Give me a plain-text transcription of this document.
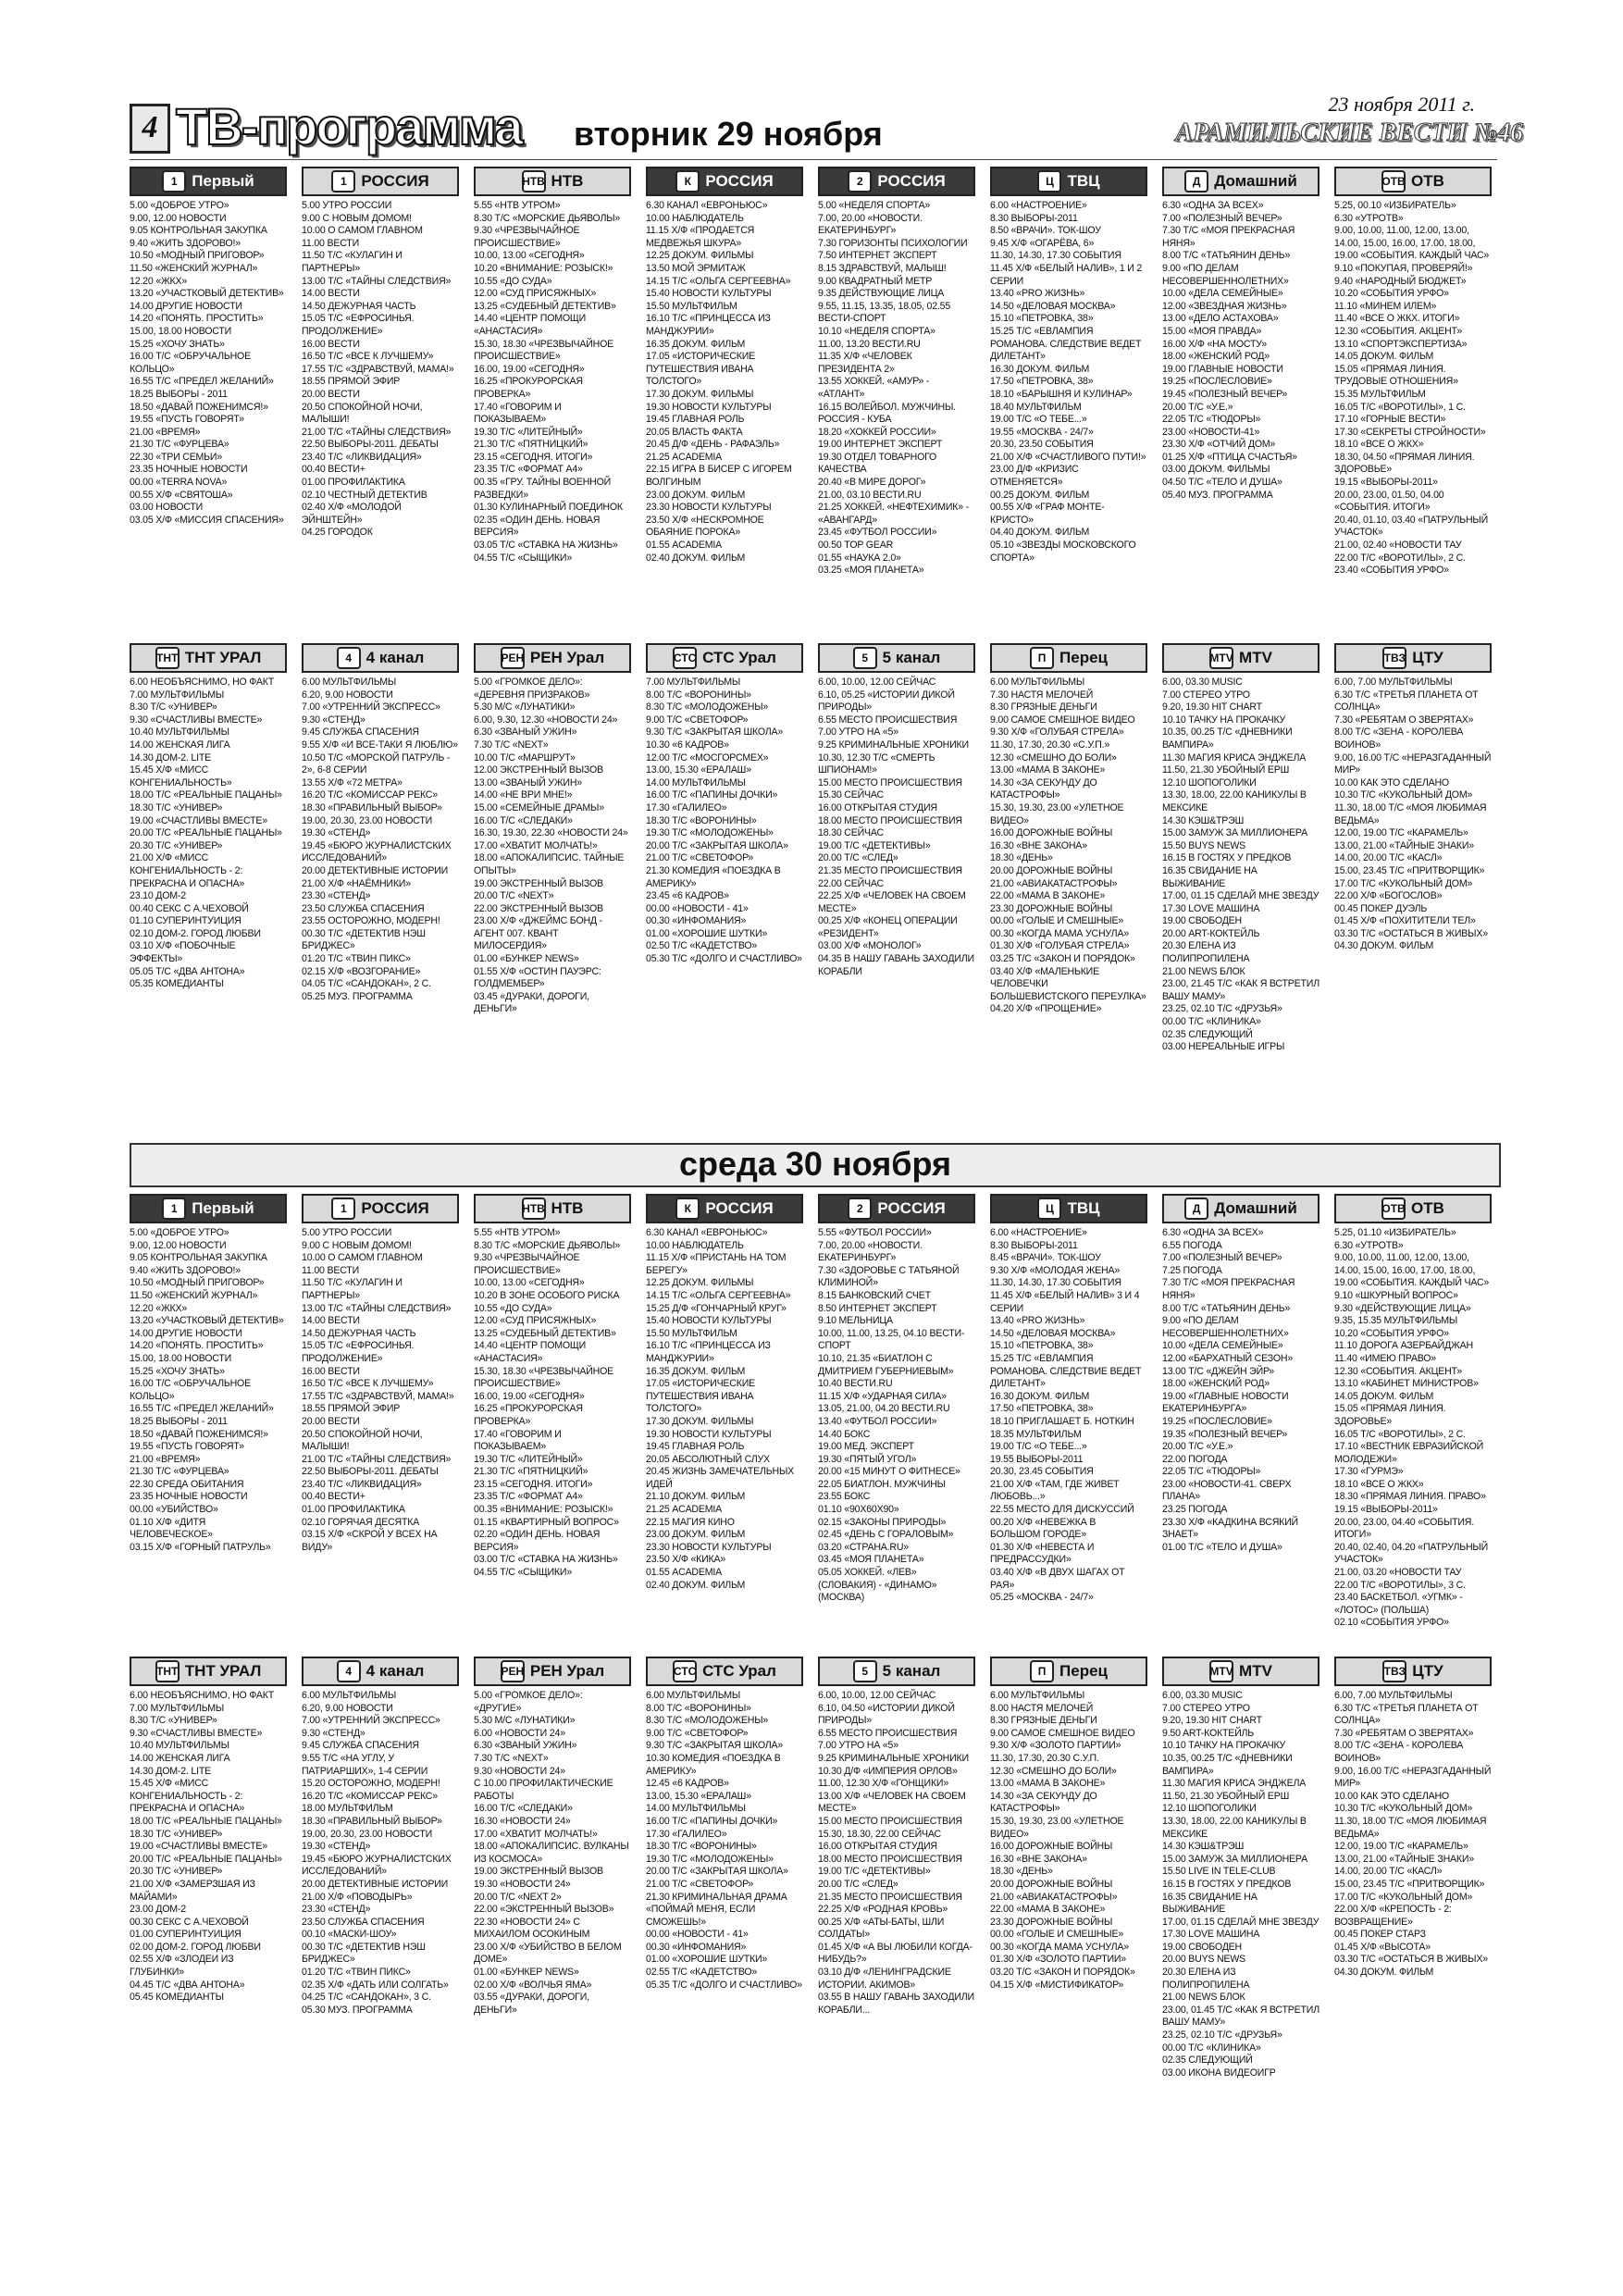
4 ТВ-программа вторник 29 ноября
23 ноября 2011 г.
АРАМИЛЬСКИЕ ВЕСТИ №46
1 Первый
5.00 «ДОБРОЕ УТРО»
9.00, 12.00 НОВОСТИ
9.05 КОНТРОЛЬНАЯ ЗАКУПКА
9.40 «ЖИТЬ ЗДОРОВО!»
10.50 «МОДНЫЙ ПРИГОВОР»
11.50 «ЖЕНСКИЙ ЖУРНАЛ»
12.20 «ЖКХ»
13.20 «УЧАСТКОВЫЙ ДЕТЕКТИВ»
14.00 ДРУГИЕ НОВОСТИ
14.20 «ПОНЯТЬ. ПРОСТИТЬ»
15.00, 18.00 НОВОСТИ
15.25 «ХОЧУ ЗНАТЬ»
16.00 Т/С «ОБРУЧАЛЬНОЕ КОЛЬЦО»
16.55 Т/С «ПРЕДЕЛ ЖЕЛАНИЙ»
18.25 ВЫБОРЫ - 2011
18.50 «ДАВАЙ ПОЖЕНИМСЯ!»
19.55 «ПУСТЬ ГОВОРЯТ»
21.00 «ВРЕМЯ»
21.30 Т/С «ФУРЦЕВА»
22.30 «ТРИ СЕМЬИ»
23.35 НОЧНЫЕ НОВОСТИ
00.00 «TERRA NOVA»
00.55 Х/Ф «СВЯТОША»
03.00 НОВОСТИ
03.05 Х/Ф «МИССИЯ СПАСЕНИЯ»
1 РОССИЯ
5.00 УТРО РОССИИ
9.00 С НОВЫМ ДОМОМ!
10.00 О САМОМ ГЛАВНОМ
11.00 ВЕСТИ
11.50 Т/С «КУЛАГИН И ПАРТНЕРЫ»
13.00 Т/С «ТАЙНЫ СЛЕДСТВИЯ»
14.00 ВЕСТИ
14.50 ДЕЖУРНАЯ ЧАСТЬ
15.05 Т/С «ЕФРОСИНЬЯ. ПРОДОЛЖЕНИЕ»
16.00 ВЕСТИ
16.50 Т/С «ВСЕ К ЛУЧШЕМУ»
17.55 Т/С «ЗДРАВСТВУЙ, МАМА!»
18.55 ПРЯМОЙ ЭФИР
20.00 ВЕСТИ
20.50 СПОКОЙНОЙ НОЧИ, МАЛЫШИ!
21.00 Т/С «ТАЙНЫ СЛЕДСТВИЯ»
22.50 ВЫБОРЫ-2011. ДЕБАТЫ
23.40 Т/С «ЛИКВИДАЦИЯ»
00.40 ВЕСТИ+
01.00 ПРОФИЛАКТИКА
02.10 ЧЕСТНЫЙ ДЕТЕКТИВ
02.40 Х/Ф «МОЛОДОЙ ЭЙНШТЕЙН»
04.25 ГОРОДОК
НТВ НТВ
5.55 «НТВ УТРОМ»
8.30 Т/С «МОРСКИЕ ДЬЯВОЛЫ»
9.30 «ЧРЕЗВЫЧАЙНОЕ ПРОИСШЕСТВИЕ»
10.00, 13.00 «СЕГОДНЯ»
10.20 «ВНИМАНИЕ: РОЗЫСК!»
10.55 «ДО СУДА»
12.00 «СУД ПРИСЯЖНЫХ»
13.25 «СУДЕБНЫЙ ДЕТЕКТИВ»
14.40 «ЦЕНТР ПОМОЩИ «АНАСТАСИЯ»
15.30, 18.30 «ЧРЕЗВЫЧАЙНОЕ ПРОИСШЕСТВИЕ»
16.00, 19.00 «СЕГОДНЯ»
16.25 «ПРОКУРОРСКАЯ ПРОВЕРКА»
17.40 «ГОВОРИМ И ПОКАЗЫВАЕМ»
19.30 Т/С «ЛИТЕЙНЫЙ»
21.30 Т/С «ПЯТНИЦКИЙ»
23.15 «СЕГОДНЯ. ИТОГИ»
23.35 Т/С «ФОРМАТ А4»
00.35 «ГРУ. ТАЙНЫ ВОЕННОЙ РАЗВЕДКИ»
01.30 КУЛИНАРНЫЙ ПОЕДИНОК
02.35 «ОДИН ДЕНЬ. НОВАЯ ВЕРСИЯ»
03.05 Т/С «СТАВКА НА ЖИЗНЬ»
04.55 Т/С «СЫЩИКИ»
К РОССИЯ
6.30 КАНАЛ «ЕВРОНЬЮС»
10.00 НАБЛЮДАТЕЛЬ
11.15 Х/Ф «ПРОДАЕТСЯ МЕДВЕЖЬЯ ШКУРА»
12.25 ДОКУМ. ФИЛЬМЫ
13.50 МОЙ ЭРМИТАЖ
14.15 Т/С «ОЛЬГА СЕРГЕЕВНА»
15.40 НОВОСТИ КУЛЬТУРЫ
15.50 МУЛЬТФИЛЬМ
16.10 Т/С «ПРИНЦЕССА ИЗ МАНДЖУРИИ»
16.35 ДОКУМ. ФИЛЬМ
17.05 «ИСТОРИЧЕСКИЕ ПУТЕШЕСТВИЯ ИВАНА ТОЛСТОГО»
17.30 ДОКУМ. ФИЛЬМЫ
19.30 НОВОСТИ КУЛЬТУРЫ
19.45 ГЛАВНАЯ РОЛЬ
20.05 ВЛАСТЬ ФАКТА
20.45 Д/Ф «ДЕНЬ - РАФАЭЛЬ»
21.25 ACADEMIA
22.15 ИГРА В БИСЕР С ИГОРЕМ ВОЛГИНЫМ
23.00 ДОКУМ. ФИЛЬМ
23.30 НОВОСТИ КУЛЬТУРЫ
23.50 Х/Ф «НЕСКРОМНОЕ ОБАЯНИЕ ПОРОКА»
01.55 ACADEMIA
02.40 ДОКУМ. ФИЛЬМ
2 РОССИЯ
5.00 «НЕДЕЛЯ СПОРТА»
7.00, 20.00 «НОВОСТИ. ЕКАТЕРИНБУРГ»
7.30 ГОРИЗОНТЫ ПСИХОЛОГИИ
7.50 ИНТЕРНЕТ ЭКСПЕРТ
8.15 ЗДРАВСТВУЙ, МАЛЫШ!
9.00 КВАДРАТНЫЙ МЕТР
9.35 ДЕЙСТВУЮЩИЕ ЛИЦА
9.55, 11.15, 13.35, 18.05, 02.55 ВЕСТИ-СПОРТ
10.10 «НЕДЕЛЯ СПОРТА»
11.00, 13.20 ВЕСТИ.RU
11.35 Х/Ф «ЧЕЛОВЕК ПРЕЗИДЕНТА 2»
13.55 ХОККЕЙ. «АМУР» - «АТЛАНТ»
16.15 ВОЛЕЙБОЛ. МУЖЧИНЫ. РОССИЯ - КУБА
18.20 «ХОККЕЙ РОССИИ»
19.00 ИНТЕРНЕТ ЭКСПЕРТ
19.30 ОТДЕЛ ТОВАРНОГО КАЧЕСТВА
20.40 «В МИРЕ ДОРОГ»
21.00, 03.10 ВЕСТИ.RU
21.25 ХОККЕЙ. «НЕФТЕХИМИК» - «АВАНГАРД»
23.45 «ФУТБОЛ РОССИИ»
00.50 TOP GEAR
01.55 «НАУКА 2.0»
03.25 «МОЯ ПЛАНЕТА»
Ц ТВЦ
6.00 «НАСТРОЕНИЕ»
8.30 ВЫБОРЫ-2011
8.50 «ВРАЧИ». ТОК-ШОУ
9.45 Х/Ф «ОГАРЁВА, 6»
11.30, 14.30, 17.30 СОБЫТИЯ
11.45 Х/Ф «БЕЛЫЙ НАЛИВ», 1 И 2 СЕРИИ
13.40 «PRO ЖИЗНЬ»
14.50 «ДЕЛОВАЯ МОСКВА»
15.10 «ПЕТРОВКА, 38»
15.25 Т/С «ЕВЛАМПИЯ РОМАНОВА. СЛЕДСТВИЕ ВЕДЕТ ДИЛЕТАНТ»
16.30 ДОКУМ. ФИЛЬМ
17.50 «ПЕТРОВКА, 38»
18.10 «БАРЫШНЯ И КУЛИНАР»
18.40 МУЛЬТФИЛЬМ
19.00 Т/С «О ТЕБЕ...»
19.55 «МОСКВА - 24/7»
20.30, 23.50 СОБЫТИЯ
21.00 Х/Ф «СЧАСТЛИВОГО ПУТИ!»
23.00 Д/Ф «КРИЗИС ОТМЕНЯЕТСЯ»
00.25 ДОКУМ. ФИЛЬМ
00.55 Х/Ф «ГРАФ МОНТЕ-КРИСТО»
04.40 ДОКУМ. ФИЛЬМ
05.10 «ЗВЕЗДЫ МОСКОВСКОГО СПОРТА»
Д Домашний
6.30 «ОДНА ЗА ВСЕХ»
7.00 «ПОЛЕЗНЫЙ ВЕЧЕР»
7.30 Т/С «МОЯ ПРЕКРАСНАЯ НЯНЯ»
8.00 Т/С «ТАТЬЯНИН ДЕНЬ»
9.00 «ПО ДЕЛАМ НЕСОВЕРШЕННОЛЕТНИХ»
10.00 «ДЕЛА СЕМЕЙНЫЕ»
12.00 «ЗВЕЗДНАЯ ЖИЗНЬ»
13.00 «ДЕЛО АСТАХОВА»
15.00 «МОЯ ПРАВДА»
16.00 Х/Ф «НА МОСТУ»
18.00 «ЖЕНСКИЙ РОД»
19.00 ГЛАВНЫЕ НОВОСТИ
19.25 «ПОСЛЕСЛОВИЕ»
19.45 «ПОЛЕЗНЫЙ ВЕЧЕР»
20.00 Т/С «У.Е.»
22.05 Т/С «ТЮДОРЫ»
23.00 «НОВОСТИ-41»
23.30 Х/Ф «ОТЧИЙ ДОМ»
01.25 Х/Ф «ПТИЦА СЧАСТЬЯ»
03.00 ДОКУМ. ФИЛЬМЫ
04.50 Т/С «ТЕЛО И ДУША»
05.40 МУЗ. ПРОГРАММА
ОТВ ОТВ
5.25, 00.10 «ИЗБИРАТЕЛЬ»
6.30 «УТРОТВ»
9.00, 10.00, 11.00, 12.00, 13.00, 14.00, 15.00, 16.00, 17.00, 18.00, 19.00 «СОБЫТИЯ. КАЖДЫЙ ЧАС»
9.10 «ПОКУПАЯ, ПРОВЕРЯЙ!»
9.40 «НАРОДНЫЙ БЮДЖЕТ»
10.20 «СОБЫТИЯ УРФО»
11.10 «МИНЕМ ИЛЕМ»
11.40 «ВСЕ О ЖКХ. ИТОГИ»
12.30 «СОБЫТИЯ. АКЦЕНТ»
13.10 «СПОРТЭКСПЕРТИЗА»
14.05 ДОКУМ. ФИЛЬМ
15.05 «ПРЯМАЯ ЛИНИЯ. ТРУДОВЫЕ ОТНОШЕНИЯ»
15.35 МУЛЬТФИЛЬМ
16.05 Т/С «ВОРОТИЛЫ», 1 С.
17.10 «ГОРНЫЕ ВЕСТИ»
17.30 «СЕКРЕТЫ СТРОЙНОСТИ»
18.10 «ВСЕ О ЖКХ»
18.30, 04.50 «ПРЯМАЯ ЛИНИЯ. ЗДОРОВЬЕ»
19.15 «ВЫБОРЫ-2011»
20.00, 23.00, 01.50, 04.00 «СОБЫТИЯ. ИТОГИ»
20.40, 01.10, 03.40 «ПАТРУЛЬНЫЙ УЧАСТОК»
21.00, 02.40 «НОВОСТИ ТАУ
22.00 Т/С «ВОРОТИЛЫ», 2 С.
23.40 «СОБЫТИЯ УРФО»
ТНТ ТНТ УРАЛ
6.00 НЕОБЪЯСНИМО, НО ФАКТ
7.00 МУЛЬТФИЛЬМЫ
8.30 Т/С «УНИВЕР»
9.30 «СЧАСТЛИВЫ ВМЕСТЕ»
10.40 МУЛЬТФИЛЬМЫ
14.00 ЖЕНСКАЯ ЛИГА
14.30 ДОМ-2. LITE
15.45 Х/Ф «МИСС КОНГЕНИАЛЬНОСТЬ»
18.00 Т/С «РЕАЛЬНЫЕ ПАЦАНЫ»
18.30 Т/С «УНИВЕР»
19.00 «СЧАСТЛИВЫ ВМЕСТЕ»
20.00 Т/С «РЕАЛЬНЫЕ ПАЦАНЫ»
20.30 Т/С «УНИВЕР»
21.00 Х/Ф «МИСС КОНГЕНИАЛЬНОСТЬ - 2: ПРЕКРАСНА И ОПАСНА»
23.10 ДОМ-2
00.40 СЕКС С А.ЧЕХОВОЙ
01.10 СУПЕРИНТУИЦИЯ
02.10 ДОМ-2. ГОРОД ЛЮБВИ
03.10 Х/Ф «ПОБОЧНЫЕ ЭФФЕКТЫ»
05.05 Т/С «ДВА АНТОНА»
05.35 КОМЕДИАНТЫ
4 4 канал
6.00 МУЛЬТФИЛЬМЫ
6.20, 9.00 НОВОСТИ
7.00 «УТРЕННИЙ ЭКСПРЕСС»
9.30 «СТЕНД»
9.45 СЛУЖБА СПАСЕНИЯ
9.55 Х/Ф «И ВСЕ-ТАКИ Я ЛЮБЛЮ»
10.50 Т/С «МОРСКОЙ ПАТРУЛЬ - 2», 6-8 СЕРИИ
13.55 Х/Ф «72 МЕТРА»
16.20 Т/С «КОМИССАР РЕКС»
18.30 «ПРАВИЛЬНЫЙ ВЫБОР»
19.00, 20.30, 23.00 НОВОСТИ
19.30 «СТЕНД»
19.45 «БЮРО ЖУРНАЛИСТСКИХ ИССЛЕДОВАНИЙ»
20.00 ДЕТЕКТИВНЫЕ ИСТОРИИ
21.00 Х/Ф «НАЁМНИКИ»
23.30 «СТЕНД»
23.50 СЛУЖБА СПАСЕНИЯ
23.55 ОСТОРОЖНО, МОДЕРН!
00.30 Т/С «ДЕТЕКТИВ НЭШ БРИДЖЕС»
01.20 Т/С «ТВИН ПИКС»
02.15 Х/Ф «ВОЗГОРАНИЕ»
04.05 Т/С «САНДОКАН», 2 С.
05.25 МУЗ. ПРОГРАММА
РЕН РЕН Урал
5.00 «ГРОМКОЕ ДЕЛО»: «ДЕРЕВНЯ ПРИЗРАКОВ»
5.30 М/С «ЛУНАТИКИ»
6.00, 9.30, 12.30 «НОВОСТИ 24»
6.30 «ЗВАНЫЙ УЖИН»
7.30 Т/С «NEXT»
10.00 Т/С «МАРШРУТ»
12.00 ЭКСТРЕННЫЙ ВЫЗОВ
13.00 «ЗВАНЫЙ УЖИН»
14.00 «НЕ ВРИ МНЕ!»
15.00 «СЕМЕЙНЫЕ ДРАМЫ»
16.00 Т/С «СЛЕДАКИ»
16.30, 19.30, 22.30 «НОВОСТИ 24»
17.00 «ХВАТИТ МОЛЧАТЬ!»
18.00 «АПОКАЛИПСИС. ТАЙНЫЕ ОПЫТЫ»
19.00 ЭКСТРЕННЫЙ ВЫЗОВ
20.00 Т/С «NEXT»
22.00 ЭКСТРЕННЫЙ ВЫЗОВ
23.00 Х/Ф «ДЖЕЙМС БОНД - АГЕНТ 007. КВАНТ МИЛОСЕРДИЯ»
01.00 «БУНКЕР NEWS»
01.55 Х/Ф «ОСТИН ПАУЭРС: ГОЛДМЕМБЕР»
03.45 «ДУРАКИ, ДОРОГИ, ДЕНЬГИ»
СТС СТС Урал
7.00 МУЛЬТФИЛЬМЫ
8.00 Т/С «ВОРОНИНЫ»
8.30 Т/С «МОЛОДОЖЕНЫ»
9.00 Т/С «СВЕТОФОР»
9.30 Т/С «ЗАКРЫТАЯ ШКОЛА»
10.30 «6 КАДРОВ»
12.00 Т/С «МОСГОРСМЕХ»
13.00, 15.30 «ЕРАЛАШ»
14.00 МУЛЬТФИЛЬМЫ
16.00 Т/С «ПАПИНЫ ДОЧКИ»
17.30 «ГАЛИЛЕО»
18.30 Т/С «ВОРОНИНЫ»
19.30 Т/С «МОЛОДОЖЕНЫ»
20.00 Т/С «ЗАКРЫТАЯ ШКОЛА»
21.00 Т/С «СВЕТОФОР»
21.30 КОМЕДИЯ «ПОЕЗДКА В АМЕРИКУ»
23.45 «6 КАДРОВ»
00.00 «НОВОСТИ - 41»
00.30 «ИНФОМАНИЯ»
01.00 «ХОРОШИЕ ШУТКИ»
02.50 Т/С «КАДЕТСТВО»
05.30 Т/С «ДОЛГО И СЧАСТЛИВО»
5 5 канал
6.00, 10.00, 12.00 СЕЙЧАС
6.10, 05.25 «ИСТОРИИ ДИКОЙ ПРИРОДЫ»
6.55 МЕСТО ПРОИСШЕСТВИЯ
7.00 УТРО НА «5»
9.25 КРИМИНАЛЬНЫЕ ХРОНИКИ
10.30, 12.30 Т/С «СМЕРТЬ ШПИОНАМ!»
15.00 МЕСТО ПРОИСШЕСТВИЯ
15.30 СЕЙЧАС
16.00 ОТКРЫТАЯ СТУДИЯ
18.00 МЕСТО ПРОИСШЕСТВИЯ
18.30 СЕЙЧАС
19.00 Т/С «ДЕТЕКТИВЫ»
20.00 Т/С «СЛЕД»
21.35 МЕСТО ПРОИСШЕСТВИЯ
22.00 СЕЙЧАС
22.25 Х/Ф «ЧЕЛОВЕК НА СВОЕМ МЕСТЕ»
00.25 Х/Ф «КОНЕЦ ОПЕРАЦИИ «РЕЗИДЕНТ»
03.00 Х/Ф «МОНОЛОГ»
04.35 В НАШУ ГАВАНЬ ЗАХОДИЛИ КОРАБЛИ
П Перец
6.00 МУЛЬТФИЛЬМЫ
7.30 НАСТЯ МЕЛОЧЕЙ
8.30 ГРЯЗНЫЕ ДЕНЬГИ
9.00 САМОЕ СМЕШНОЕ ВИДЕО
9.30 Х/Ф «ГОЛУБАЯ СТРЕЛА»
11.30, 17.30, 20.30 «С.У.П.»
12.30 «СМЕШНО ДО БОЛИ»
13.00 «МАМА В ЗАКОНЕ»
14.30 «ЗА СЕКУНДУ ДО КАТАСТРОФЫ»
15.30, 19.30, 23.00 «УЛЕТНОЕ ВИДЕО»
16.00 ДОРОЖНЫЕ ВОЙНЫ
16.30 «ВНЕ ЗАКОНА»
18.30 «ДЕНЬ»
20.00 ДОРОЖНЫЕ ВОЙНЫ
21.00 «АВИАКАТАСТРОФЫ»
22.00 «МАМА В ЗАКОНЕ»
23.30 ДОРОЖНЫЕ ВОЙНЫ
00.00 «ГОЛЫЕ И СМЕШНЫЕ»
00.30 «КОГДА МАМА УСНУЛА»
01.30 Х/Ф «ГОЛУБАЯ СТРЕЛА»
03.25 Т/С «ЗАКОН И ПОРЯДОК»
03.40 Х/Ф «МАЛЕНЬКИЕ ЧЕЛОВЕЧКИ БОЛЬШЕВИСТСКОГО ПЕРЕУЛКА»
04.20 Х/Ф «ПРОЩЕНИЕ»
MTV MTV
6.00, 03.30 MUSIC
7.00 СТЕРЕО УТРО
9.20, 19.30 HIT CHART
10.10 ТАЧКУ НА ПРОКАЧКУ
10.35, 00.25 Т/С «ДНЕВНИКИ ВАМПИРА»
11.30 МАГИЯ КРИСА ЭНДЖЕЛА
11.50, 21.30 УБОЙНЫЙ ЕРШ
12.10 ШОПОГОЛИКИ
13.30, 18.00, 22.00 КАНИКУЛЫ В МЕКСИКЕ
14.30 КЭШ&ТРЭШ
15.00 ЗАМУЖ ЗА МИЛЛИОНЕРА
15.50 BUYS NEWS
16.15 В ГОСТЯХ У ПРЕДКОВ
16.35 СВИДАНИЕ НА ВЫЖИВАНИЕ
17.00, 01.15 СДЕЛАЙ МНЕ ЗВЕЗДУ
17.30 LOVE МАШИНА
19.00 СВОБОДЕН
20.00 ART-КОКТЕЙЛЬ
20.30 ЕЛЕНА ИЗ ПОЛИПРОПИЛЕНА
21.00 NEWS БЛОК
23.00, 21.45 Т/С «КАК Я ВСТРЕТИЛ ВАШУ МАМУ»
23.25, 02.10 Т/С «ДРУЗЬЯ»
00.00 Т/С «КЛИНИКА»
02.35 СЛЕДУЮЩИЙ
03.00 НЕРЕАЛЬНЫЕ ИГРЫ
ТВЗ ЦТУ
6.00, 7.00 МУЛЬТФИЛЬМЫ
6.30 Т/С «ТРЕТЬЯ ПЛАНЕТА ОТ СОЛНЦА»
7.30 «РЕБЯТАМ О ЗВЕРЯТАХ»
8.00 Т/С «ЗЕНА - КОРОЛЕВА ВОИНОВ»
9.00, 16.00 Т/С «НЕРАЗГАДАННЫЙ МИР»
10.00 КАК ЭТО СДЕЛАНО
10.30 Т/С «КУКОЛЬНЫЙ ДОМ»
11.30, 18.00 Т/С «МОЯ ЛЮБИМАЯ ВЕДЬМА»
12.00, 19.00 Т/С «КАРАМЕЛЬ»
13.00, 21.00 «ТАЙНЫЕ ЗНАКИ»
14.00, 20.00 Т/С «КАСЛ»
15.00, 23.45 Т/С «ПРИТВОРЩИК»
17.00 Т/С «КУКОЛЬНЫЙ ДОМ»
22.00 Х/Ф «БОГОСЛОВ»
00.45 ПОКЕР ДУЭЛЬ
01.45 Х/Ф «ПОХИТИТЕЛИ ТЕЛ»
03.30 Т/С «ОСТАТЬСЯ В ЖИВЫХ»
04.30 ДОКУМ. ФИЛЬМ
среда 30 ноября
1 Первый
5.00 «ДОБРОЕ УТРО»
9.00, 12.00 НОВОСТИ
9.05 КОНТРОЛЬНАЯ ЗАКУПКА
9.40 «ЖИТЬ ЗДОРОВО!»
10.50 «МОДНЫЙ ПРИГОВОР»
11.50 «ЖЕНСКИЙ ЖУРНАЛ»
12.20 «ЖКХ»
13.20 «УЧАСТКОВЫЙ ДЕТЕКТИВ»
14.00 ДРУГИЕ НОВОСТИ
14.20 «ПОНЯТЬ. ПРОСТИТЬ»
15.00, 18.00 НОВОСТИ
15.25 «ХОЧУ ЗНАТЬ»
16.00 Т/С «ОБРУЧАЛЬНОЕ КОЛЬЦО»
16.55 Т/С «ПРЕДЕЛ ЖЕЛАНИЙ»
18.25 ВЫБОРЫ - 2011
18.50 «ДАВАЙ ПОЖЕНИМСЯ!»
19.55 «ПУСТЬ ГОВОРЯТ»
21.00 «ВРЕМЯ»
21.30 Т/С «ФУРЦЕВА»
22.30 СРЕДА ОБИТАНИЯ
23.35 НОЧНЫЕ НОВОСТИ
00.00 «УБИЙСТВО»
01.10 Х/Ф «ДИТЯ ЧЕЛОВЕЧЕСКОЕ»
03.15 Х/Ф «ГОРНЫЙ ПАТРУЛЬ»
1 РОССИЯ
5.00 УТРО РОССИИ
9.00 С НОВЫМ ДОМОМ!
10.00 О САМОМ ГЛАВНОМ
11.00 ВЕСТИ
11.50 Т/С «КУЛАГИН И ПАРТНЕРЫ»
13.00 Т/С «ТАЙНЫ СЛЕДСТВИЯ»
14.00 ВЕСТИ
14.50 ДЕЖУРНАЯ ЧАСТЬ
15.05 Т/С «ЕФРОСИНЬЯ. ПРОДОЛЖЕНИЕ»
16.00 ВЕСТИ
16.50 Т/С «ВСЕ К ЛУЧШЕМУ»
17.55 Т/С «ЗДРАВСТВУЙ, МАМА!»
18.55 ПРЯМОЙ ЭФИР
20.00 ВЕСТИ
20.50 СПОКОЙНОЙ НОЧИ, МАЛЫШИ!
21.00 Т/С «ТАЙНЫ СЛЕДСТВИЯ»
22.50 ВЫБОРЫ-2011. ДЕБАТЫ
23.40 Т/С «ЛИКВИДАЦИЯ»
00.40 ВЕСТИ+
01.00 ПРОФИЛАКТИКА
02.10 ГОРЯЧАЯ ДЕСЯТКА
03.15 Х/Ф «СКРОЙ У ВСЕХ НА ВИДУ»
НТВ НТВ
5.55 «НТВ УТРОМ»
8.30 Т/С «МОРСКИЕ ДЬЯВОЛЫ»
9.30 «ЧРЕЗВЫЧАЙНОЕ ПРОИСШЕСТВИЕ»
10.00, 13.00 «СЕГОДНЯ»
10.20 В ЗОНЕ ОСОБОГО РИСКА
10.55 «ДО СУДА»
12.00 «СУД ПРИСЯЖНЫХ»
13.25 «СУДЕБНЫЙ ДЕТЕКТИВ»
14.40 «ЦЕНТР ПОМОЩИ «АНАСТАСИЯ»
15.30, 18.30 «ЧРЕЗВЫЧАЙНОЕ ПРОИСШЕСТВИЕ»
16.00, 19.00 «СЕГОДНЯ»
16.25 «ПРОКУРОРСКАЯ ПРОВЕРКА»
17.40 «ГОВОРИМ И ПОКАЗЫВАЕМ»
19.30 Т/С «ЛИТЕЙНЫЙ»
21.30 Т/С «ПЯТНИЦКИЙ»
23.15 «СЕГОДНЯ. ИТОГИ»
23.35 Т/С «ФОРМАТ А4»
00.35 «ВНИМАНИЕ: РОЗЫСК!»
01.15 «КВАРТИРНЫЙ ВОПРОС»
02.20 «ОДИН ДЕНЬ. НОВАЯ ВЕРСИЯ»
03.00 Т/С «СТАВКА НА ЖИЗНЬ»
04.55 Т/С «СЫЩИКИ»
К РОССИЯ
6.30 КАНАЛ «ЕВРОНЬЮС»
10.00 НАБЛЮДАТЕЛЬ
11.15 Х/Ф «ПРИСТАНЬ НА ТОМ БЕРЕГУ»
12.25 ДОКУМ. ФИЛЬМЫ
14.15 Т/С «ОЛЬГА СЕРГЕЕВНА»
15.25 Д/Ф «ГОНЧАРНЫЙ КРУГ»
15.40 НОВОСТИ КУЛЬТУРЫ
15.50 МУЛЬТФИЛЬМ
16.10 Т/С «ПРИНЦЕССА ИЗ МАНДЖУРИИ»
16.35 ДОКУМ. ФИЛЬМ
17.05 «ИСТОРИЧЕСКИЕ ПУТЕШЕСТВИЯ ИВАНА ТОЛСТОГО»
17.30 ДОКУМ. ФИЛЬМЫ
19.30 НОВОСТИ КУЛЬТУРЫ
19.45 ГЛАВНАЯ РОЛЬ
20.05 АБСОЛЮТНЫЙ СЛУХ
20.45 ЖИЗНЬ ЗАМЕЧАТЕЛЬНЫХ ИДЕЙ
21.10 ДОКУМ. ФИЛЬМ
21.25 ACADEMIA
22.15 МАГИЯ КИНО
23.00 ДОКУМ. ФИЛЬМ
23.30 НОВОСТИ КУЛЬТУРЫ
23.50 Х/Ф «КИКА»
01.55 ACADEMIA
02.40 ДОКУМ. ФИЛЬМ
2 РОССИЯ
5.55 «ФУТБОЛ РОССИИ»
7.00, 20.00 «НОВОСТИ. ЕКАТЕРИНБУРГ»
7.30 «ЗДОРОВЬЕ С ТАТЬЯНОЙ КЛИМИНОЙ»
8.15 БАНКОВСКИЙ СЧЕТ
8.50 ИНТЕРНЕТ ЭКСПЕРТ
9.10 МЕЛЬНИЦА
10.00, 11.00, 13.25, 04.10 ВЕСТИ-СПОРТ
10.10, 21.35 «БИАТЛОН С ДМИТРИЕМ ГУБЕРНИЕВЫМ»
10.40 ВЕСТИ.RU
11.15 Х/Ф «УДАРНАЯ СИЛА»
13.05, 21.00, 04.20 ВЕСТИ.RU
13.40 «ФУТБОЛ РОССИИ»
14.40 БОКС
19.00 МЕД. ЭКСПЕРТ
19.30 «ПЯТЫЙ УГОЛ»
20.00 «15 МИНУТ О ФИТНЕСЕ»
22.05 БИАТЛОН. МУЖЧИНЫ
23.55 БОКС
01.10 «90X60X90»
02.15 «ЗАКОНЫ ПРИРОДЫ»
02.45 «ДЕНЬ С ГОРАЛОВЫМ»
03.20 «СТРАНА.RU»
03.45 «МОЯ ПЛАНЕТА»
05.05 ХОККЕЙ. «ЛЕВ» (СЛОВАКИЯ) - «ДИНАМО» (МОСКВА)
Ц ТВЦ
6.00 «НАСТРОЕНИЕ»
8.30 ВЫБОРЫ-2011
8.45 «ВРАЧИ». ТОК-ШОУ
9.30 Х/Ф «МОЛОДАЯ ЖЕНА»
11.30, 14.30, 17.30 СОБЫТИЯ
11.45 Х/Ф «БЕЛЫЙ НАЛИВ» 3 И 4 СЕРИИ
13.40 «PRO ЖИЗНЬ»
14.50 «ДЕЛОВАЯ МОСКВА»
15.10 «ПЕТРОВКА, 38»
15.25 Т/С «ЕВЛАМПИЯ РОМАНОВА. СЛЕДСТВИЕ ВЕДЕТ ДИЛЕТАНТ»
16.30 ДОКУМ. ФИЛЬМ
17.50 «ПЕТРОВКА, 38»
18.10 ПРИГЛАШАЕТ Б. НОТКИН
18.35 МУЛЬТФИЛЬМ
19.00 Т/С «О ТЕБЕ...»
19.55 ВЫБОРЫ-2011
20.30, 23.45 СОБЫТИЯ
21.00 Х/Ф «ТАМ, ГДЕ ЖИВЕТ ЛЮБОВЬ...»
22.55 МЕСТО ДЛЯ ДИСКУССИЙ
00.20 Х/Ф «НЕВЕЖКА В БОЛЬШОМ ГОРОДЕ»
01.30 Х/Ф «НЕВЕСТА И ПРЕДРАССУДКИ»
03.40 Х/Ф «В ДВУХ ШАГАХ ОТ РАЯ»
05.25 «МОСКВА - 24/7»
Д Домашний
6.30 «ОДНА ЗА ВСЕХ»
6.55 ПОГОДА
7.00 «ПОЛЕЗНЫЙ ВЕЧЕР»
7.25 ПОГОДА
7.30 Т/С «МОЯ ПРЕКРАСНАЯ НЯНЯ»
8.00 Т/С «ТАТЬЯНИН ДЕНЬ»
9.00 «ПО ДЕЛАМ НЕСОВЕРШЕННОЛЕТНИХ»
10.00 «ДЕЛА СЕМЕЙНЫЕ»
12.00 «БАРХАТНЫЙ СЕЗОН»
13.00 Т/С «ДЖЕЙН ЭЙР»
18.00 «ЖЕНСКИЙ РОД»
19.00 «ГЛАВНЫЕ НОВОСТИ ЕКАТЕРИНБУРГА»
19.25 «ПОСЛЕСЛОВИЕ»
19.35 «ПОЛЕЗНЫЙ ВЕЧЕР»
20.00 Т/С «У.Е.»
22.00 ПОГОДА
22.05 Т/С «ТЮДОРЫ»
23.00 «НОВОСТИ-41. СВЕРХ ПЛАНА»
23.25 ПОГОДА
23.30 Х/Ф «КАДКИНА ВСЯКИЙ ЗНАЕТ»
01.00 Т/С «ТЕЛО И ДУША»
ОТВ ОТВ
5.25, 01.10 «ИЗБИРАТЕЛЬ»
6.30 «УТРОТВ»
9.00, 10.00, 11.00, 12.00, 13.00, 14.00, 15.00, 16.00, 17.00, 18.00, 19.00 «СОБЫТИЯ. КАЖДЫЙ ЧАС»
9.10 «ШКУРНЫЙ ВОПРОС»
9.30 «ДЕЙСТВУЮЩИЕ ЛИЦА»
9.35, 15.35 МУЛЬТФИЛЬМЫ
10.20 «СОБЫТИЯ УРФО»
11.10 ДОРОГА АЗЕРБАЙДЖАН
11.40 «ИМЕЮ ПРАВО»
12.30 «СОБЫТИЯ. АКЦЕНТ»
13.10 «КАБИНЕТ МИНИСТРОВ»
14.05 ДОКУМ. ФИЛЬМ
15.05 «ПРЯМАЯ ЛИНИЯ. ЗДОРОВЬЕ»
16.05 Т/С «ВОРОТИЛЫ», 2 С.
17.10 «ВЕСТНИК ЕВРАЗИЙСКОЙ МОЛОДЕЖИ»
17.30 «ГУРМЭ»
18.10 «ВСЕ О ЖКХ»
18.30 «ПРЯМАЯ ЛИНИЯ. ПРАВО»
19.15 «ВЫБОРЫ-2011»
20.00, 23.00, 04.40 «СОБЫТИЯ. ИТОГИ»
20.40, 02.40, 04.20 «ПАТРУЛЬНЫЙ УЧАСТОК»
21.00, 03.20 «НОВОСТИ ТАУ
22.00 Т/С «ВОРОТИЛЫ», 3 С.
23.40 БАСКЕТБОЛ. «УГМК» - «ЛОТОС» (ПОЛЬША)
02.10 «СОБЫТИЯ УРФО»
ТНТ ТНТ УРАЛ
6.00 НЕОБЪЯСНИМО, НО ФАКТ
7.00 МУЛЬТФИЛЬМЫ
8.30 Т/С «УНИВЕР»
9.30 «СЧАСТЛИВЫ ВМЕСТЕ»
10.40 МУЛЬТФИЛЬМЫ
14.00 ЖЕНСКАЯ ЛИГА
14.30 ДОМ-2. LITE
15.45 Х/Ф «МИСС КОНГЕНИАЛЬНОСТЬ - 2: ПРЕКРАСНА И ОПАСНА»
18.00 Т/С «РЕАЛЬНЫЕ ПАЦАНЫ»
18.30 Т/С «УНИВЕР»
19.00 «СЧАСТЛИВЫ ВМЕСТЕ»
20.00 Т/С «РЕАЛЬНЫЕ ПАЦАНЫ»
20.30 Т/С «УНИВЕР»
21.00 Х/Ф «ЗАМЕРЗШАЯ ИЗ МАЙАМИ»
23.00 ДОМ-2
00.30 СЕКС С А.ЧЕХОВОЙ
01.00 СУПЕРИНТУИЦИЯ
02.00 ДОМ-2. ГОРОД ЛЮБВИ
02.55 Х/Ф «ЗЛОДЕИ ИЗ ГЛУБИНКИ»
04.45 Т/С «ДВА АНТОНА»
05.45 КОМЕДИАНТЫ
4 4 канал
6.00 МУЛЬТФИЛЬМЫ
6.20, 9.00 НОВОСТИ
7.00 «УТРЕННИЙ ЭКСПРЕСС»
9.30 «СТЕНД»
9.45 СЛУЖБА СПАСЕНИЯ
9.55 Т/С «НА УГЛУ, У ПАТРИАРШИХ», 1-4 СЕРИИ
15.20 ОСТОРОЖНО, МОДЕРН!
16.20 Т/С «КОМИССАР РЕКС»
18.00 МУЛЬТФИЛЬМ
18.30 «ПРАВИЛЬНЫЙ ВЫБОР»
19.00, 20.30, 23.00 НОВОСТИ
19.30 «СТЕНД»
19.45 «БЮРО ЖУРНАЛИСТСКИХ ИССЛЕДОВАНИЙ»
20.00 ДЕТЕКТИВНЫЕ ИСТОРИИ
21.00 Х/Ф «ПОВОДЫРЬ»
23.30 «СТЕНД»
23.50 СЛУЖБА СПАСЕНИЯ
00.10 «МАСКИ-ШОУ»
00.30 Т/С «ДЕТЕКТИВ НЭШ БРИДЖЕС»
01.20 Т/С «ТВИН ПИКС»
02.35 Х/Ф «ДАТЬ ИЛИ СОЛГАТЬ»
04.25 Т/С «САНДОКАН», 3 С.
05.30 МУЗ. ПРОГРАММА
РЕН РЕН Урал
5.00 «ГРОМКОЕ ДЕЛО»: «ДРУГИЕ»
5.30 М/С «ЛУНАТИКИ»
6.00 «НОВОСТИ 24»
6.30 «ЗВАНЫЙ УЖИН»
7.30 Т/С «NEXT»
9.30 «НОВОСТИ 24»
С 10.00 ПРОФИЛАКТИЧЕСКИЕ РАБОТЫ
16.00 Т/С «СЛЕДАКИ»
16.30 «НОВОСТИ 24»
17.00 «ХВАТИТ МОЛЧАТЬ!»
18.00 «АПОКАЛИПСИС. ВУЛКАНЫ ИЗ КОСМОСА»
19.00 ЭКСТРЕННЫЙ ВЫЗОВ
19.30 «НОВОСТИ 24»
20.00 Т/С «NEXT 2»
22.00 «ЭКСТРЕННЫЙ ВЫЗОВ»
22.30 «НОВОСТИ 24» С МИХАИЛОМ ОСОКИНЫМ
23.00 Х/Ф «УБИЙСТВО В БЕЛОМ ДОМЕ»
01.00 «БУНКЕР NEWS»
02.00 Х/Ф «ВОЛЧЬЯ ЯМА»
03.55 «ДУРАКИ, ДОРОГИ, ДЕНЬГИ»
СТС СТС Урал
6.00 МУЛЬТФИЛЬМЫ
8.00 Т/С «ВОРОНИНЫ»
8.30 Т/С «МОЛОДОЖЕНЫ»
9.00 Т/С «СВЕТОФОР»
9.30 Т/С «ЗАКРЫТАЯ ШКОЛА»
10.30 КОМЕДИЯ «ПОЕЗДКА В АМЕРИКУ»
12.45 «6 КАДРОВ»
13.00, 15.30 «ЕРАЛАШ»
14.00 МУЛЬТФИЛЬМЫ
16.00 Т/С «ПАПИНЫ ДОЧКИ»
17.30 «ГАЛИЛЕО»
18.30 Т/С «ВОРОНИНЫ»
19.30 Т/С «МОЛОДОЖЕНЫ»
20.00 Т/С «ЗАКРЫТАЯ ШКОЛА»
21.00 Т/С «СВЕТОФОР»
21.30 КРИМИНАЛЬНАЯ ДРАМА «ПОЙМАЙ МЕНЯ, ЕСЛИ СМОЖЕШЬ!»
00.00 «НОВОСТИ - 41»
00.30 «ИНФОМАНИЯ»
01.00 «ХОРОШИЕ ШУТКИ»
02.55 Т/С «КАДЕТСТВО»
05.35 Т/С «ДОЛГО И СЧАСТЛИВО»
5 5 канал
6.00, 10.00, 12.00 СЕЙЧАС
6.10, 04.50 «ИСТОРИИ ДИКОЙ ПРИРОДЫ»
6.55 МЕСТО ПРОИСШЕСТВИЯ
7.00 УТРО НА «5»
9.25 КРИМИНАЛЬНЫЕ ХРОНИКИ
10.30 Д/Ф «ИМПЕРИЯ ОРЛОВ»
11.00, 12.30 Х/Ф «ГОНЩИКИ»
13.00 Х/Ф «ЧЕЛОВЕК НА СВОЕМ МЕСТЕ»
15.00 МЕСТО ПРОИСШЕСТВИЯ
15.30, 18.30, 22.00 СЕЙЧАС
16.00 ОТКРЫТАЯ СТУДИЯ
18.00 МЕСТО ПРОИСШЕСТВИЯ
19.00 Т/С «ДЕТЕКТИВЫ»
20.00 Т/С «СЛЕД»
21.35 МЕСТО ПРОИСШЕСТВИЯ
22.25 Х/Ф «РОДНАЯ КРОВЬ»
00.25 Х/Ф «АТЫ-БАТЫ, ШЛИ СОЛДАТЫ»
01.45 Х/Ф «А ВЫ ЛЮБИЛИ КОГДА-НИБУДЬ?»
03.10 Д/Ф «ЛЕНИНГРАДСКИЕ ИСТОРИИ. АКИМОВ»
03.55 В НАШУ ГАВАНЬ ЗАХОДИЛИ КОРАБЛИ...
П Перец
6.00 МУЛЬТФИЛЬМЫ
8.00 НАСТЯ МЕЛОЧЕЙ
8.30 ГРЯЗНЫЕ ДЕНЬГИ
9.00 САМОЕ СМЕШНОЕ ВИДЕО
9.30 Х/Ф «ЗОЛОТО ПАРТИИ»
11.30, 17.30, 20.30 С.У.П.
12.30 «СМЕШНО ДО БОЛИ»
13.00 «МАМА В ЗАКОНЕ»
14.30 «ЗА СЕКУНДУ ДО КАТАСТРОФЫ»
15.30, 19.30, 23.00 «УЛЕТНОЕ ВИДЕО»
16.00 ДОРОЖНЫЕ ВОЙНЫ
16.30 «ВНЕ ЗАКОНА»
18.30 «ДЕНЬ»
20.00 ДОРОЖНЫЕ ВОЙНЫ
21.00 «АВИАКАТАСТРОФЫ»
22.00 «МАМА В ЗАКОНЕ»
23.30 ДОРОЖНЫЕ ВОЙНЫ
00.00 «ГОЛЫЕ И СМЕШНЫЕ»
00.30 «КОГДА МАМА УСНУЛА»
01.30 Х/Ф «ЗОЛОТО ПАРТИИ»
03.20 Т/С «ЗАКОН И ПОРЯДОК»
04.15 Х/Ф «МИСТИФИКАТОР»
MTV MTV
6.00, 03.30 MUSIC
7.00 СТЕРЕО УТРО
9.20, 19.30 HIT CHART
9.50 ART-КОКТЕЙЛЬ
10.10 ТАЧКУ НА ПРОКАЧКУ
10.35, 00.25 Т/С «ДНЕВНИКИ ВАМПИРА»
11.30 МАГИЯ КРИСА ЭНДЖЕЛА
11.50, 21.30 УБОЙНЫЙ ЕРШ
12.10 ШОПОГОЛИКИ
13.30, 18.00, 22.00 КАНИКУЛЫ В МЕКСИКЕ
14.30 КЭШ&ТРЭШ
15.00 ЗАМУЖ ЗА МИЛЛИОНЕРА
15.50 LIVE IN TELE-CLUB
16.15 В ГОСТЯХ У ПРЕДКОВ
16.35 СВИДАНИЕ НА ВЫЖИВАНИЕ
17.00, 01.15 СДЕЛАЙ МНЕ ЗВЕЗДУ
17.30 LOVE МАШИНА
19.00 СВОБОДЕН
20.00 BUYS NEWS
20.30 ЕЛЕНА ИЗ ПОЛИПРОПИЛЕНА
21.00 NEWS БЛОК
23.00, 01.45 Т/С «КАК Я ВСТРЕТИЛ ВАШУ МАМУ»
23.25, 02.10 Т/С «ДРУЗЬЯ»
00.00 Т/С «КЛИНИКА»
02.35 СЛЕДУЮЩИЙ
03.00 ИКОНА ВИДЕОИГР
ТВЗ ЦТУ
6.00, 7.00 МУЛЬТФИЛЬМЫ
6.30 Т/С «ТРЕТЬЯ ПЛАНЕТА ОТ СОЛНЦА»
7.30 «РЕБЯТАМ О ЗВЕРЯТАХ»
8.00 Т/С «ЗЕНА - КОРОЛЕВА ВОИНОВ»
9.00, 16.00 Т/С «НЕРАЗГАДАННЫЙ МИР»
10.00 КАК ЭТО СДЕЛАНО
10.30 Т/С «КУКОЛЬНЫЙ ДОМ»
11.30, 18.00 Т/С «МОЯ ЛЮБИМАЯ ВЕДЬМА»
12.00, 19.00 Т/С «КАРАМЕЛЬ»
13.00, 21.00 «ТАЙНЫЕ ЗНАКИ»
14.00, 20.00 Т/С «КАСЛ»
15.00, 23.45 Т/С «ПРИТВОРЩИК»
17.00 Т/С «КУКОЛЬНЫЙ ДОМ»
22.00 Х/Ф «КРЕПОСТЬ - 2: ВОЗВРАЩЕНИЕ»
00.45 ПОКЕР СТАРЗ
01.45 Х/Ф «ВЫСОТА»
03.30 Т/С «ОСТАТЬСЯ В ЖИВЫХ»
04.30 ДОКУМ. ФИЛЬМ
